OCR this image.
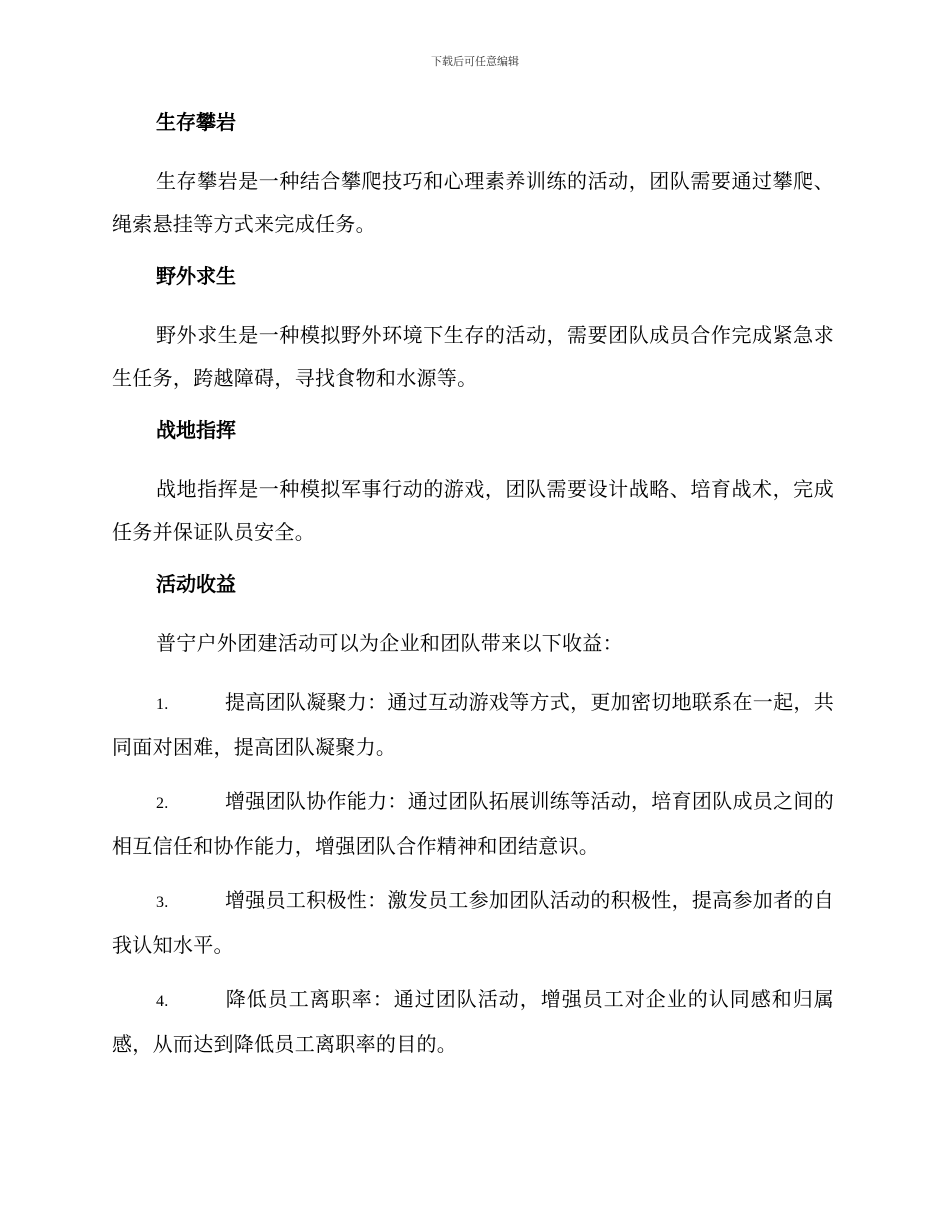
下载后可任意编辑
生存攀岩

生存攀岩是一种结合攀爬技巧和心理素养训练的活动，团队需要通过攀爬、绳索悬挂等方式来完成任务。

野外求生

野外求生是一种模拟野外环境下生存的活动，需要团队成员合作完成紧急求生任务，跨越障碍，寻找食物和水源等。

战地指挥

战地指挥是一种模拟军事行动的游戏，团队需要设计战略、培育战术，完成任务并保证队员安全。

活动收益

普宁户外团建活动可以为企业和团队带来以下收益：

1.	提高团队凝聚力：通过互动游戏等方式，更加密切地联系在一起，共同面对困难，提高团队凝聚力。

2.	增强团队协作能力：通过团队拓展训练等活动，培育团队成员之间的相互信任和协作能力，增强团队合作精神和团结意识。

3.	增强员工积极性：激发员工参加团队活动的积极性，提高参加者的自我认知水平。

4.	降低员工离职率：通过团队活动，增强员工对企业的认同感和归属感，从而达到降低员工离职率的目的。
